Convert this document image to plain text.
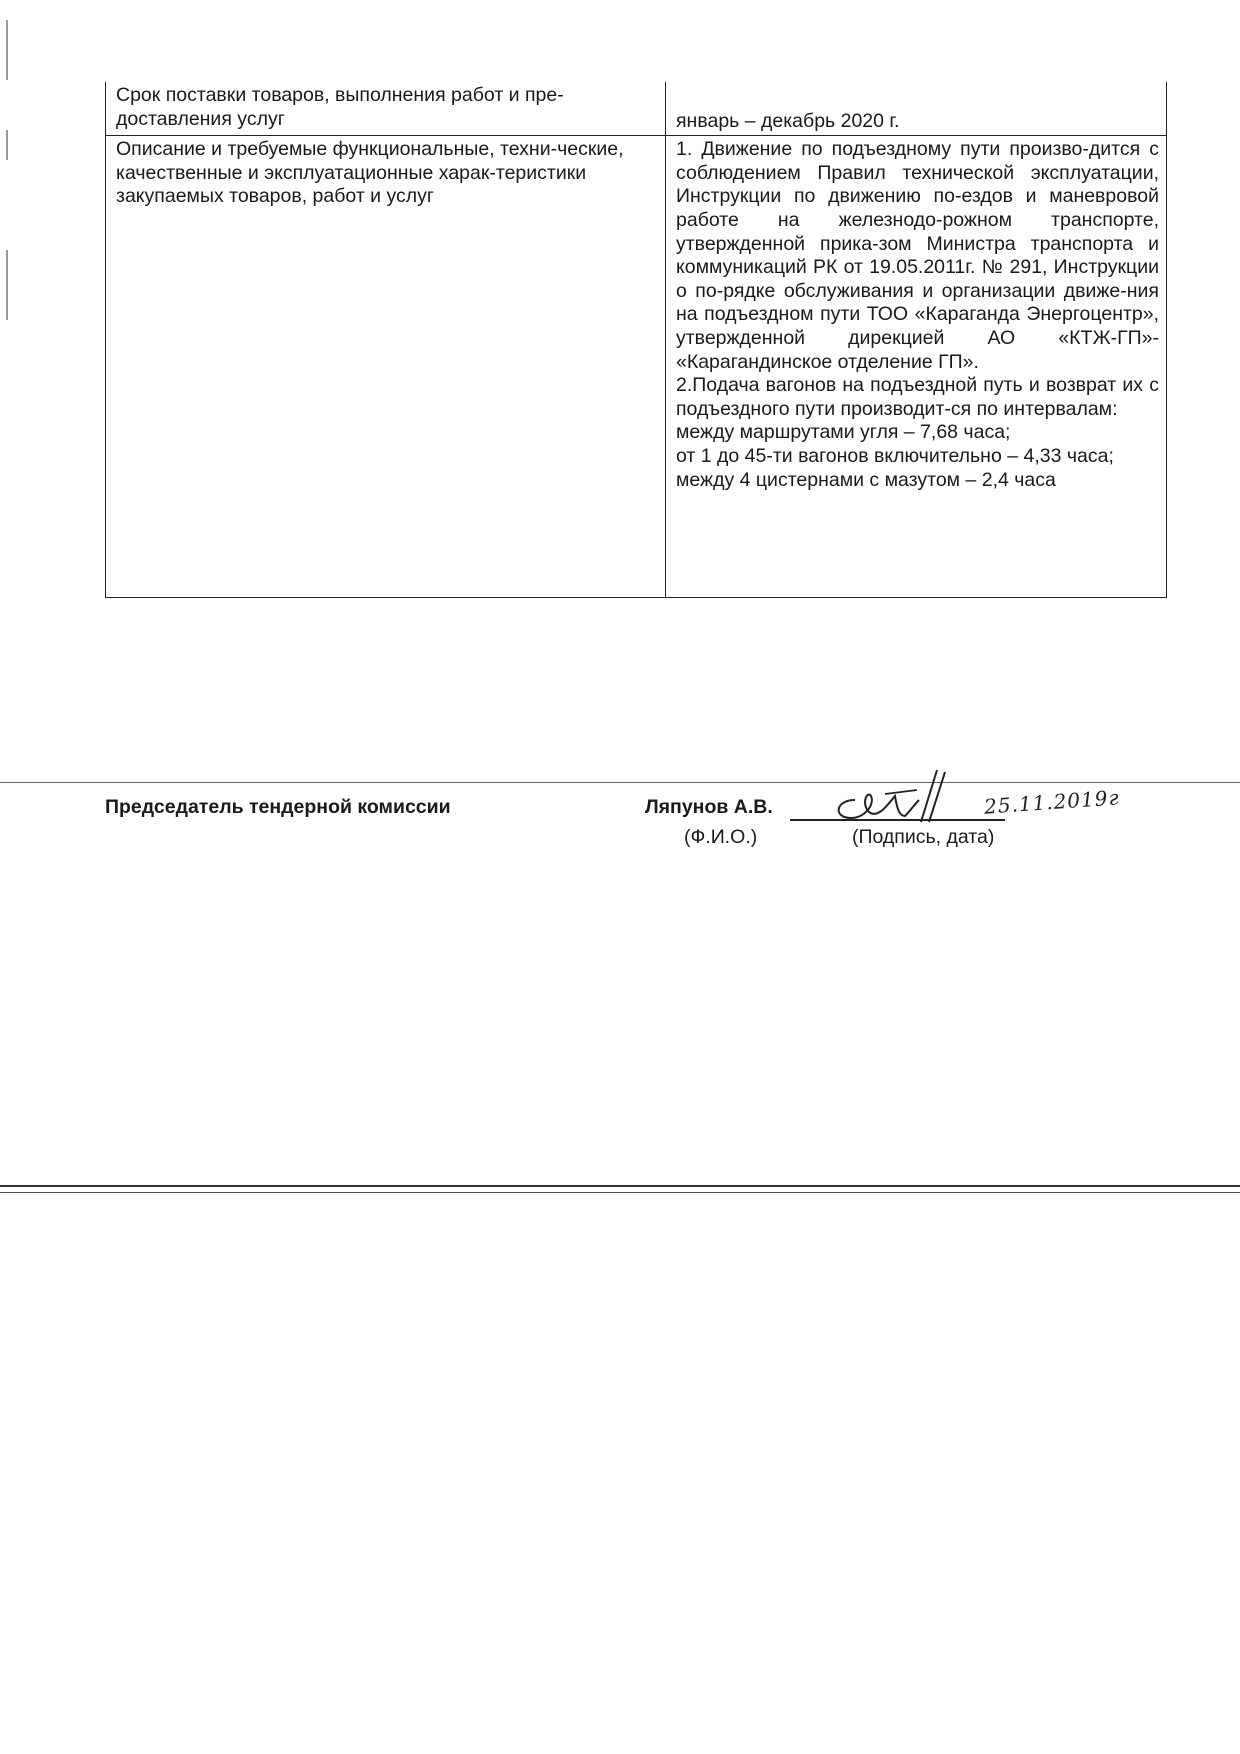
Срок поставки товаров, выполнения работ и пре-доставления услуг	январь – декабрь 2020 г.
Описание и требуемые функциональные, техни-ческие, качественные и эксплуатационные харак-теристики закупаемых товаров, работ и услуг	1. Движение по подъездному пути произво-дится с соблюдением Правил технической эксплуатации, Инструкции по движению по-ездов и маневровой работе на железнодо-рожном транспорте, утвержденной прика-зом Министра транспорта и коммуникаций РК от 19.05.2011г. № 291, Инструкции о по-рядке обслуживания и организации движе-ния на подъездном пути ТОО «Караганда Энергоцентр», утвержденной дирекцией АО «КТЖ-ГП»- «Карагандинское отделение ГП».

2.Подача вагонов на подъездной путь и возврат их с подъездного пути производит-ся по интервалам:

между маршрутами угля – 7,68 часа;

от 1 до 45-ти вагонов включительно – 4,33 часа;

между 4 цистернами с мазутом – 2,4 часа

Председатель тендерной комиссии	Ляпунов А.В.
(Ф.И.О.)	(Подпись, дата)
25.11.2019г
